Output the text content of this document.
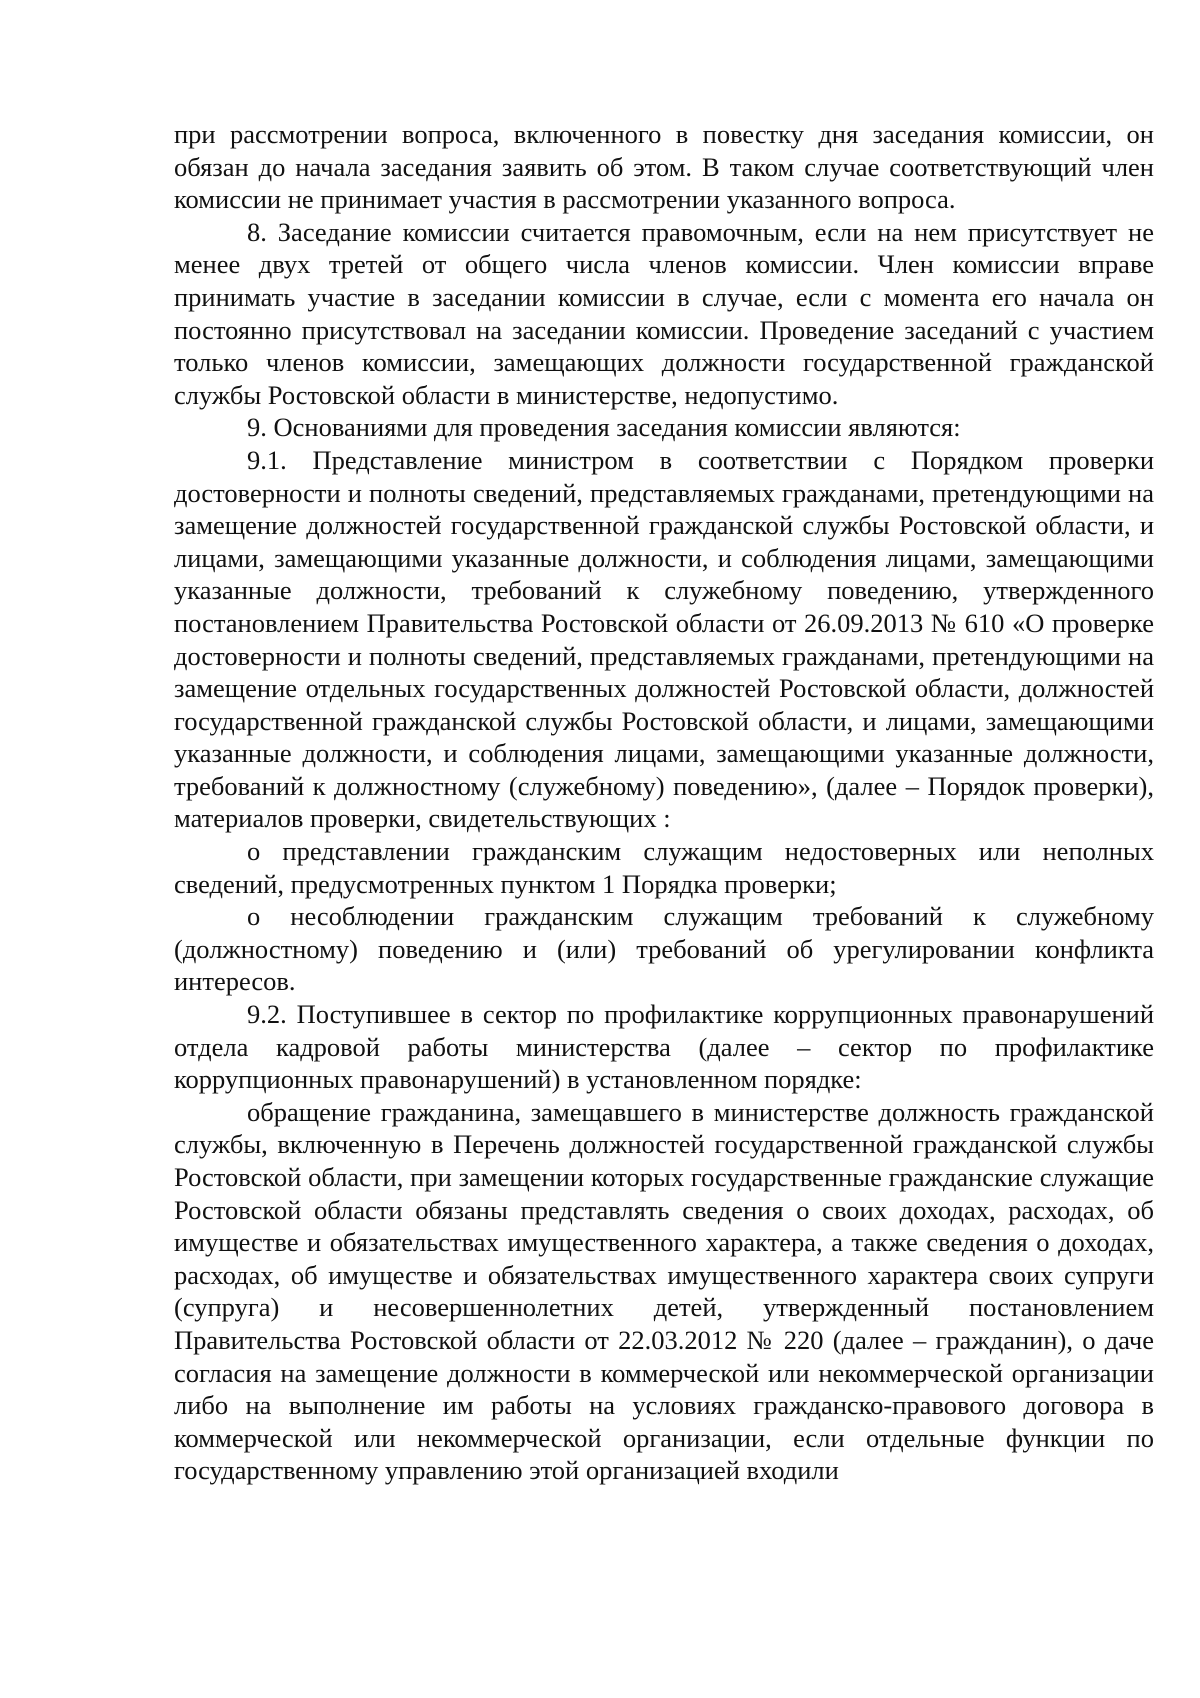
при рассмотрении вопроса, включенного в повестку дня заседания комиссии, он обязан до начала заседания заявить об этом. В таком случае соответствующий член комиссии не принимает участия в рассмотрении указанного вопроса.

8. Заседание комиссии считается правомочным, если на нем присутствует не менее двух третей от общего числа членов комиссии. Член комиссии вправе принимать участие в заседании комиссии в случае, если с момента его начала он постоянно присутствовал на заседании комиссии. Проведение заседаний с участием только членов комиссии, замещающих должности государственной гражданской службы Ростовской области в министерстве, недопустимо.

9. Основаниями для проведения заседания комиссии являются:

9.1. Представление министром в соответствии с Порядком проверки достоверности и полноты сведений, представляемых гражданами, претендующими на замещение должностей государственной гражданской службы Ростовской области, и лицами, замещающими указанные должности, и соблюдения лицами, замещающими указанные должности, требований к служебному поведению, утвержденного постановлением Правительства Ростовской области от 26.09.2013 № 610 «О проверке достоверности и полноты сведений, представляемых гражданами, претендующими на замещение отдельных государственных должностей Ростовской области, должностей государственной гражданской службы Ростовской области, и лицами, замещающими указанные должности, и соблюдения лицами, замещающими указанные должности, требований к должностному (служебному) поведению», (далее – Порядок проверки), материалов проверки, свидетельствующих :

о представлении гражданским служащим недостоверных или неполных сведений, предусмотренных пунктом 1 Порядка проверки;

о несоблюдении гражданским служащим требований к служебному (должностному) поведению и (или) требований об урегулировании конфликта интересов.

9.2. Поступившее в сектор по профилактике коррупционных правонарушений отдела кадровой работы министерства (далее – сектор по профилактике коррупционных правонарушений) в установленном порядке:

обращение гражданина, замещавшего в министерстве должность гражданской службы, включенную в Перечень должностей государственной гражданской службы Ростовской области, при замещении которых государственные гражданские служащие Ростовской области обязаны представлять сведения о своих доходах, расходах, об имуществе и обязательствах имущественного характера, а также сведения о доходах, расходах, об имуществе и обязательствах имущественного характера своих супруги (супруга) и несовершеннолетних детей, утвержденный постановлением Правительства Ростовской области от 22.03.2012 № 220 (далее – гражданин), о даче согласия на замещение должности в коммерческой или некоммерческой организации либо на выполнение им работы на условиях гражданско-правового договора в коммерческой или некоммерческой организации, если отдельные функции по государственному управлению этой организацией входили
